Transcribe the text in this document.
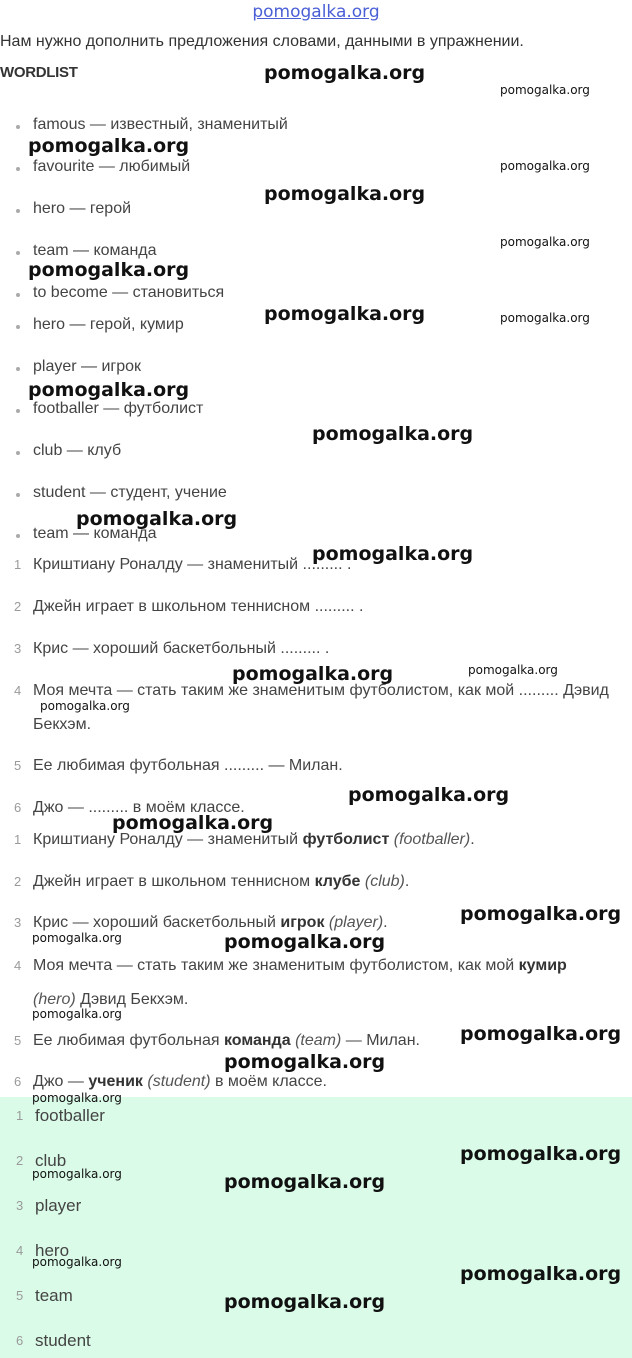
pomogalka.org
Нам нужно дополнить предложения словами, данными в упражнении.
WORDLIST
famous — известный, знаменитый
favourite — любимый
hero — герой
team — команда
to become — становиться
hero — герой, кумир
player — игрок
footballer — футболист
club — клуб
student — студент, учение
team — команда
1 Криштиану Роналду — знаменитый ......... .
2 Джейн играет в школьном теннисном ......... .
3 Крис — хороший баскетбольный ......... .
4 Моя мечта — стать таким же знаменитым футболистом, как мой ......... Дэвид Бекхэм.
5 Ее любимая футбольная ......... — Милан.
6 Джо — ......... в моём классе.
1 Криштиану Роналду — знаменитый футболист (footballer).
2 Джейн играет в школьном теннисном клубе (club).
3 Крис — хороший баскетбольный игрок (player).
4 Моя мечта — стать таким же знаменитым футболистом, как мой кумир (hero) Дэвид Бекхэм.
5 Ее любимая футбольная команда (team) — Милан.
6 Джо — ученик (student) в моём классе.
1 footballer
2 club
3 player
4 hero
5 team
6 student
pomogalka.org
pomogalka.org
pomogalka.org
pomogalka.org
pomogalka.org
pomogalka.org
pomogalka.org
pomogalka.org	pomogalka.org
pomogalka.org
pomogalka.org
pomogalka.org
pomogalka.org
pomogalka.org	pomogalka.org
pomogalka.org
pomogalka.org
pomogalka.org
pomogalka.org
pomogalka.org	pomogalka.org
pomogalka.org
pomogalka.org
pomogalka.org
pomogalka.org
pomogalka.org
pomogalka.org	pomogalka.org
pomogalka.org
pomogalka.org
pomogalka.org
